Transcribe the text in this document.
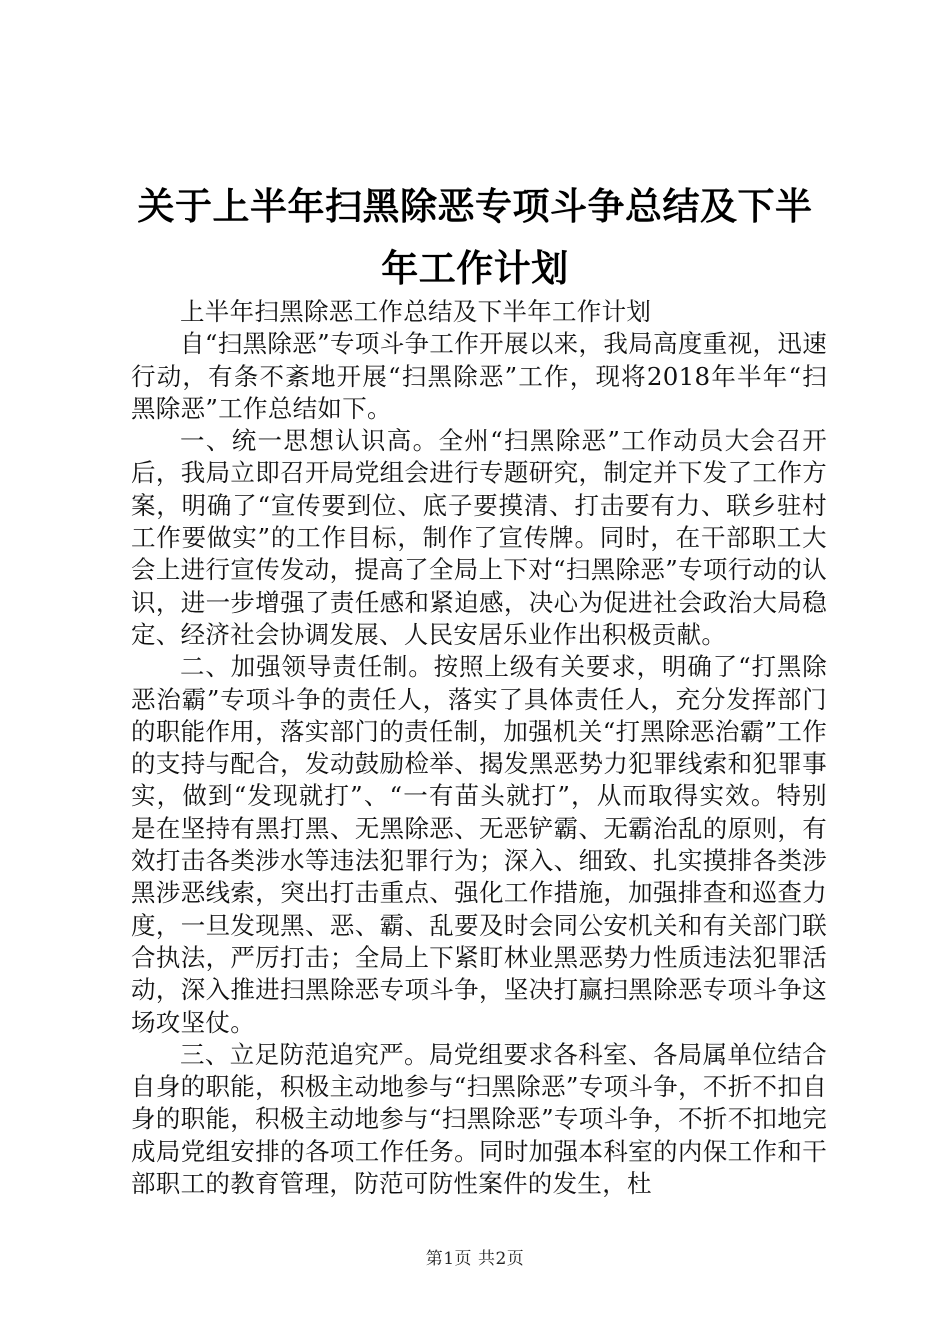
关于上半年扫黑除恶专项斗争总结及下半年工作计划

上半年扫黑除恶工作总结及下半年工作计划

自“扫黑除恶”专项斗争工作开展以来，我局高度重视，迅速行动，有条不紊地开展“扫黑除恶”工作，现将2018年半年“扫黑除恶”工作总结如下。

一、统一思想认识高。全州“扫黑除恶”工作动员大会召开后，我局立即召开局党组会进行专题研究，制定并下发了工作方案，明确了“宣传要到位、底子要摸清、打击要有力、联乡驻村工作要做实”的工作目标，制作了宣传牌。同时，在干部职工大会上进行宣传发动，提高了全局上下对“扫黑除恶”专项行动的认识，进一步增强了责任感和紧迫感，决心为促进社会政治大局稳定、经济社会协调发展、人民安居乐业作出积极贡献。

二、加强领导责任制。按照上级有关要求，明确了“打黑除恶治霸”专项斗争的责任人，落实了具体责任人，充分发挥部门的职能作用，落实部门的责任制，加强机关“打黑除恶治霸”工作的支持与配合，发动鼓励检举、揭发黑恶势力犯罪线索和犯罪事实，做到“发现就打”、“一有苗头就打”，从而取得实效。特别是在坚持有黑打黑、无黑除恶、无恶铲霸、无霸治乱的原则，有效打击各类涉水等违法犯罪行为；深入、细致、扎实摸排各类涉黑涉恶线索，突出打击重点、强化工作措施，加强排查和巡查力度，一旦发现黑、恶、霸、乱要及时会同公安机关和有关部门联合执法，严厉打击；全局上下紧盯林业黑恶势力性质违法犯罪活动，深入推进扫黑除恶专项斗争，坚决打赢扫黑除恶专项斗争这场攻坚仗。

三、立足防范追究严。局党组要求各科室、各局属单位结合自身的职能，积极主动地参与“扫黑除恶”专项斗争，不折不扣自身的职能，积极主动地参与“扫黑除恶”专项斗争，不折不扣地完成局党组安排的各项工作任务。同时加强本科室的内保工作和干部职工的教育管理，防范可防性案件的发生，杜

第1页 共2页
